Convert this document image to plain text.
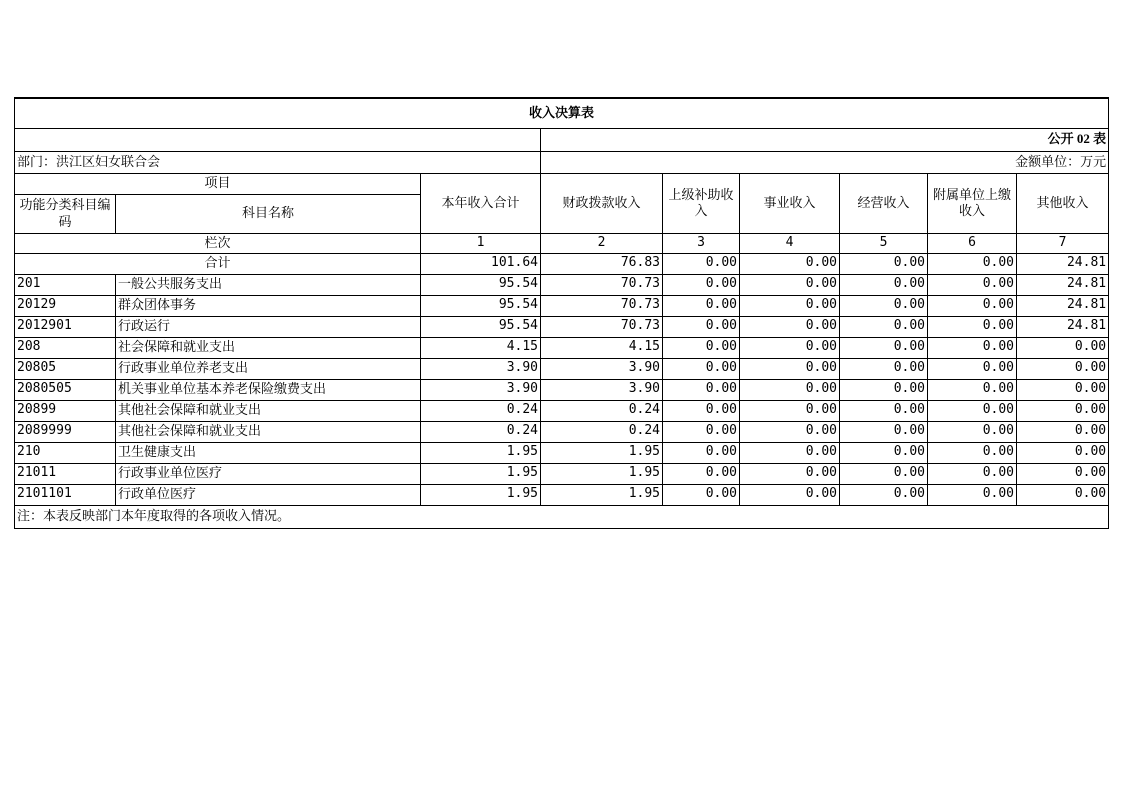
收入决算表								
			公开 02 表					
部门：洪江区妇女联合会			金额单位：万元					
项目		本年收入合计	财政拨款收入	上级补助收入	事业收入	经营收入	附属单位上缴收入	其他收入
功能分类科目编码	科目名称							
栏次		1	2	3	4	5	6	7
合计		101.64	76.83	0.00	0.00	0.00	0.00	24.81
201	一般公共服务支出	95.54	70.73	0.00	0.00	0.00	0.00	24.81
20129	群众团体事务	95.54	70.73	0.00	0.00	0.00	0.00	24.81
2012901	行政运行	95.54	70.73	0.00	0.00	0.00	0.00	24.81
208	社会保障和就业支出	4.15	4.15	0.00	0.00	0.00	0.00	0.00
20805	行政事业单位养老支出	3.90	3.90	0.00	0.00	0.00	0.00	0.00
2080505	机关事业单位基本养老保险缴费支出	3.90	3.90	0.00	0.00	0.00	0.00	0.00
20899	其他社会保障和就业支出	0.24	0.24	0.00	0.00	0.00	0.00	0.00
2089999	其他社会保障和就业支出	0.24	0.24	0.00	0.00	0.00	0.00	0.00
210	卫生健康支出	1.95	1.95	0.00	0.00	0.00	0.00	0.00
21011	行政事业单位医疗	1.95	1.95	0.00	0.00	0.00	0.00	0.00
2101101	行政单位医疗	1.95	1.95	0.00	0.00	0.00	0.00	0.00
注：本表反映部门本年度取得的各项收入情况。								
